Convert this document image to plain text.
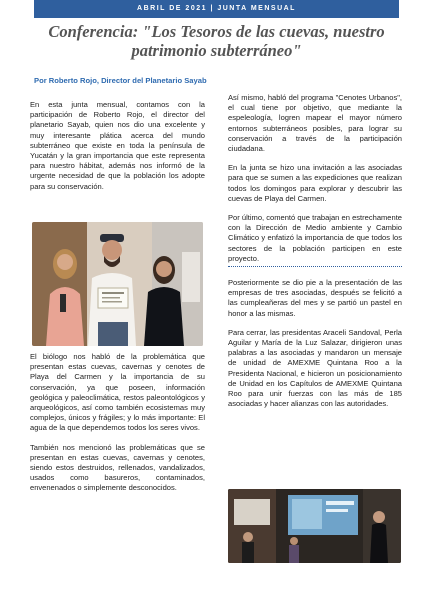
ABRIL DE 2021 | JUNTA MENSUAL
Conferencia: "Los Tesoros de las cuevas, nuestro patrimonio subterráneo"
Por Roberto Rojo, Director del Planetario Sayab

En esta junta mensual, contamos con la participación de Roberto Rojo, el director del planetario Sayab, quien nos dio una excelente y muy interesante plática acerca del mundo subterráneo que existe en toda la península de Yucatán y la gran importancia que este representa para nuestro hábitat, además nos informó de la urgente necesidad de que la población los adopte para su conservación.

El biólogo nos habló de la problemática que presentan estas cuevas, cavernas y cenotes de Playa del Carmen y la importancia de su conservación, ya que poseen, información geológica y paleoclimática, restos paleontológicos y arqueológicos, así como también ecosistemas muy complejos, únicos y frágiles; y lo más importante: El agua de la que dependemos todos los seres vivos.

También nos mencionó las problemáticas que se presentan en estas cuevas, cavernas y cenotes, siendo estos destruidos, rellenados, vandalizados, usados como basureros, contaminados, envenenados o simplemente desconocidos.

Así mismo, habló del programa "Cenotes Urbanos", el cual tiene por objetivo, que mediante la espeleología, logren mapear el mayor número entornos subterráneos posibles, para lograr su conservación a través de la participación ciudadana.

En la junta se hizo una invitación a las asociadas para que se sumen a las expediciones que realizan todos los domingos para explorar y descubrir las cuevas de Playa del Carmen.

Por último, comentó que trabajan en estrechamente con la Dirección de Medio ambiente y Cambio Climático y enfatizó la importancia de que todos los sectores de la población participen en este proyecto.

Posteriormente se dio pie a la presentación de las empresas de tres asociadas, después se felicitó a las cumpleañeras del mes y se partió un pastel en honor a las mismas.

Para cerrar, las presidentas Araceli Sandoval, Perla Aguilar y María de la Luz Salazar, dirigieron unas palabras a las asociadas y mandaron un mensaje de unidad de AMEXME Quintana Roo a la Presidenta Nacional, e hicieron un posicionamiento de Unidad en los Capítulos de AMEXME Quintana Roo para unir fuerzas con las más de 185 asociadas y hacer alianzas con las autoridades.
